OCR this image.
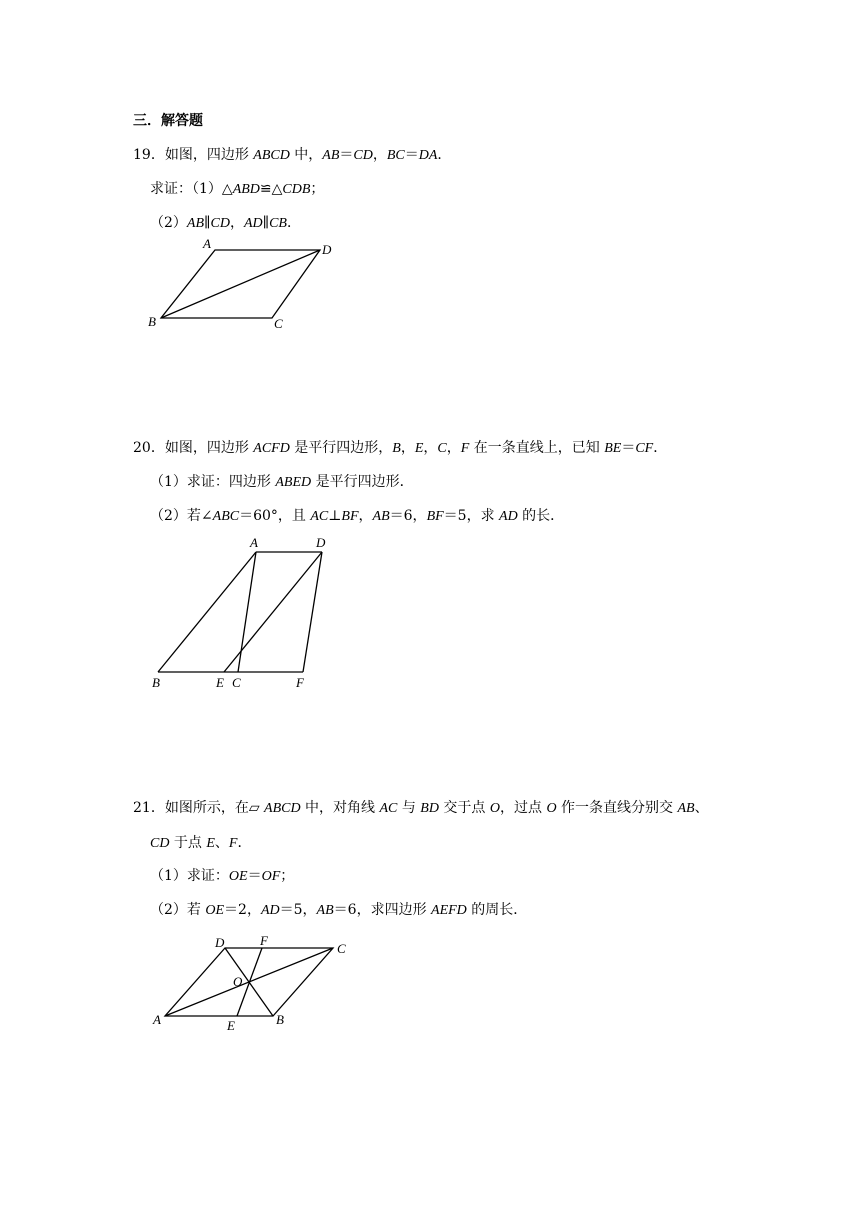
三．解答题
19．如图，四边形 ABCD 中，AB＝CD，BC＝DA．
求证：（1）△ABD≌△CDB；
（2）AB∥CD，AD∥CB．
A	D
B	C
20．如图，四边形 ACFD 是平行四边形，B，E，C，F 在一条直线上，已知 BE＝CF．
（1）求证：四边形 ABED 是平行四边形．
（2）若∠ABC＝60°，且 AC⊥BF，AB＝6，BF＝5，求 AD 的长．
A	D
B	E C	F
21．如图所示，在▱ ABCD 中，对角线 AC 与 BD 交于点 O，过点 O 作一条直线分别交 AB、
CD 于点 E、F．
（1）求证：OE＝OF；
（2）若 OE＝2，AD＝5，AB＝6，求四边形 AEFD 的周长．
D	F
C
O
A	E	B
